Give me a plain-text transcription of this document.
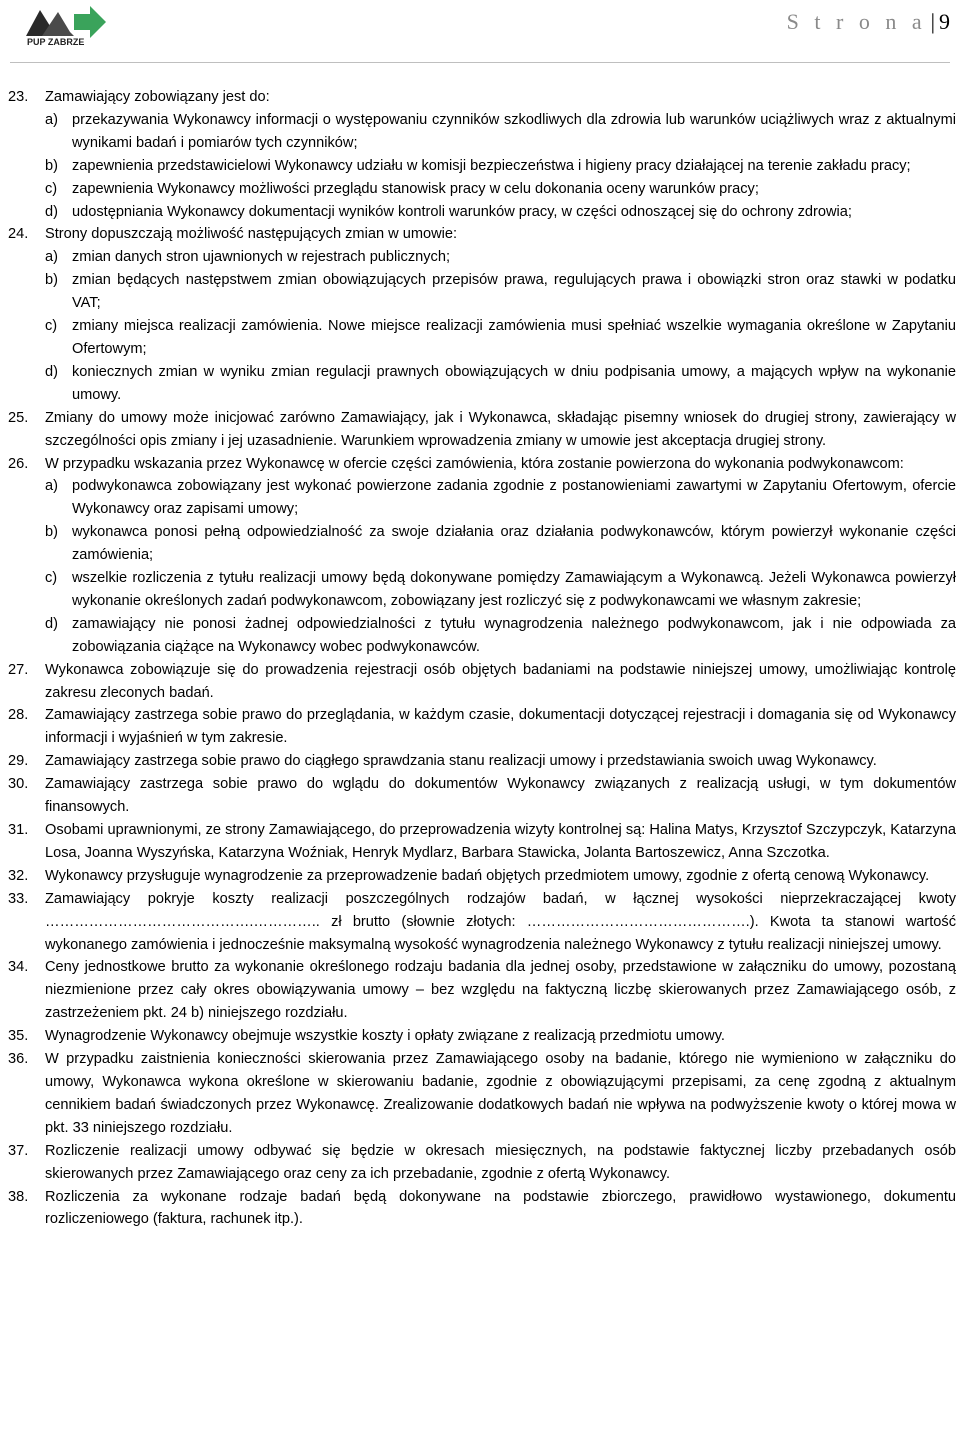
PUP ZABRZE
S t r o n a | 9
23.	Zamawiający zobowiązany jest do:
a) przekazywania Wykonawcy informacji o występowaniu czynników szkodliwych dla zdrowia lub warunków uciążliwych wraz z aktualnymi wynikami badań i pomiarów tych czynników;
b) zapewnienia przedstawicielowi Wykonawcy udziału w komisji bezpieczeństwa i higieny pracy działającej na terenie zakładu pracy;
c)	zapewnienia Wykonawcy możliwości przeglądu stanowisk pracy w celu dokonania oceny warunków pracy;
d) udostępniania Wykonawcy dokumentacji wyników kontroli warunków pracy, w części odnoszącej się do ochrony zdrowia;
24.	Strony dopuszczają możliwość następujących zmian w umowie:
a) zmian danych stron ujawnionych w rejestrach publicznych;
b) zmian będących następstwem zmian obowiązujących przepisów prawa, regulujących prawa i obowiązki stron oraz stawki w podatku VAT;
c)	zmiany miejsca realizacji zamówienia. Nowe miejsce realizacji zamówienia musi spełniać wszelkie wymagania określone w Zapytaniu Ofertowym;
d) koniecznych zmian w wyniku zmian regulacji prawnych obowiązujących w dniu podpisania umowy, a mających wpływ na wykonanie umowy.
25.	Zmiany do umowy może inicjować zarówno Zamawiający, jak i Wykonawca, składając pisemny wniosek do drugiej strony, zawierający w szczególności opis zmiany i jej uzasadnienie. Warunkiem wprowadzenia zmiany w umowie jest akceptacja drugiej strony.
26.	W przypadku wskazania przez Wykonawcę w ofercie części zamówienia, która zostanie powierzona do wykonania podwykonawcom:
a) podwykonawca zobowiązany jest wykonać powierzone zadania zgodnie z postanowieniami zawartymi w Zapytaniu Ofertowym, ofercie Wykonawcy oraz zapisami umowy;
b) wykonawca ponosi pełną odpowiedzialność za swoje działania oraz działania podwykonawców, którym powierzył wykonanie części zamówienia;
c)	wszelkie rozliczenia z tytułu realizacji umowy będą dokonywane pomiędzy Zamawiającym a Wykonawcą. Jeżeli Wykonawca powierzył wykonanie określonych zadań podwykonawcom, zobowiązany jest rozliczyć się z podwykonawcami we własnym zakresie;
d) zamawiający nie ponosi żadnej odpowiedzialności z tytułu wynagrodzenia należnego podwykonawcom, jak i nie odpowiada za zobowiązania ciążące na Wykonawcy wobec podwykonawców.
27.	Wykonawca zobowiązuje się do prowadzenia rejestracji osób objętych badaniami na podstawie niniejszej umowy, umożliwiając kontrolę zakresu zleconych badań.
28.	Zamawiający zastrzega sobie prawo do przeglądania, w każdym czasie, dokumentacji dotyczącej rejestracji i domagania się od Wykonawcy informacji i wyjaśnień w tym zakresie.
29.	Zamawiający zastrzega sobie prawo do ciągłego sprawdzania stanu realizacji umowy i przedstawiania swoich uwag Wykonawcy.
30.	Zamawiający zastrzega sobie prawo do wglądu do dokumentów Wykonawcy związanych z realizacją usługi, w tym dokumentów finansowych.
31.	Osobami uprawnionymi, ze strony Zamawiającego, do przeprowadzenia wizyty kontrolnej są: Halina Matys, Krzysztof Szczypczyk, Katarzyna Losa, Joanna Wyszyńska, Katarzyna Woźniak, Henryk Mydlarz, Barbara Stawicka, Jolanta Bartoszewicz, Anna Szczotka.
32.	Wykonawcy przysługuje wynagrodzenie za przeprowadzenie badań objętych przedmiotem umowy, zgodnie z ofertą cenową Wykonawcy.
33.	Zamawiający pokryje koszty realizacji poszczególnych rodzajów badań, w łącznej wysokości nieprzekraczającej kwoty …………………………………….………….. zł brutto (słownie złotych: ……………………………………….). Kwota ta stanowi wartość wykonanego zamówienia i jednocześnie maksymalną wysokość wynagrodzenia należnego Wykonawcy z tytułu realizacji niniejszej umowy.
34.	Ceny jednostkowe brutto za wykonanie określonego rodzaju badania dla jednej osoby, przedstawione w załączniku do umowy, pozostaną niezmienione przez cały okres obowiązywania umowy – bez względu na faktyczną liczbę skierowanych przez Zamawiającego osób, z zastrzeżeniem pkt. 24 b) niniejszego rozdziału.
35.	Wynagrodzenie Wykonawcy obejmuje wszystkie koszty i opłaty związane z realizacją przedmiotu umowy.
36.	W przypadku zaistnienia konieczności skierowania przez Zamawiającego osoby na badanie, którego nie wymieniono w załączniku do umowy, Wykonawca wykona określone w skierowaniu badanie, zgodnie z obowiązującymi przepisami, za cenę zgodną z aktualnym cennikiem badań świadczonych przez Wykonawcę. Zrealizowanie dodatkowych badań nie wpływa na podwyższenie kwoty o której mowa w pkt. 33 niniejszego rozdziału.
37.	Rozliczenie realizacji umowy odbywać się będzie w okresach miesięcznych, na podstawie faktycznej liczby przebadanych osób skierowanych przez Zamawiającego oraz ceny za ich przebadanie, zgodnie z ofertą Wykonawcy.
38.	Rozliczenia za wykonane rodzaje badań będą dokonywane na podstawie zbiorczego, prawidłowo wystawionego, dokumentu rozliczeniowego (faktura, rachunek itp.).
